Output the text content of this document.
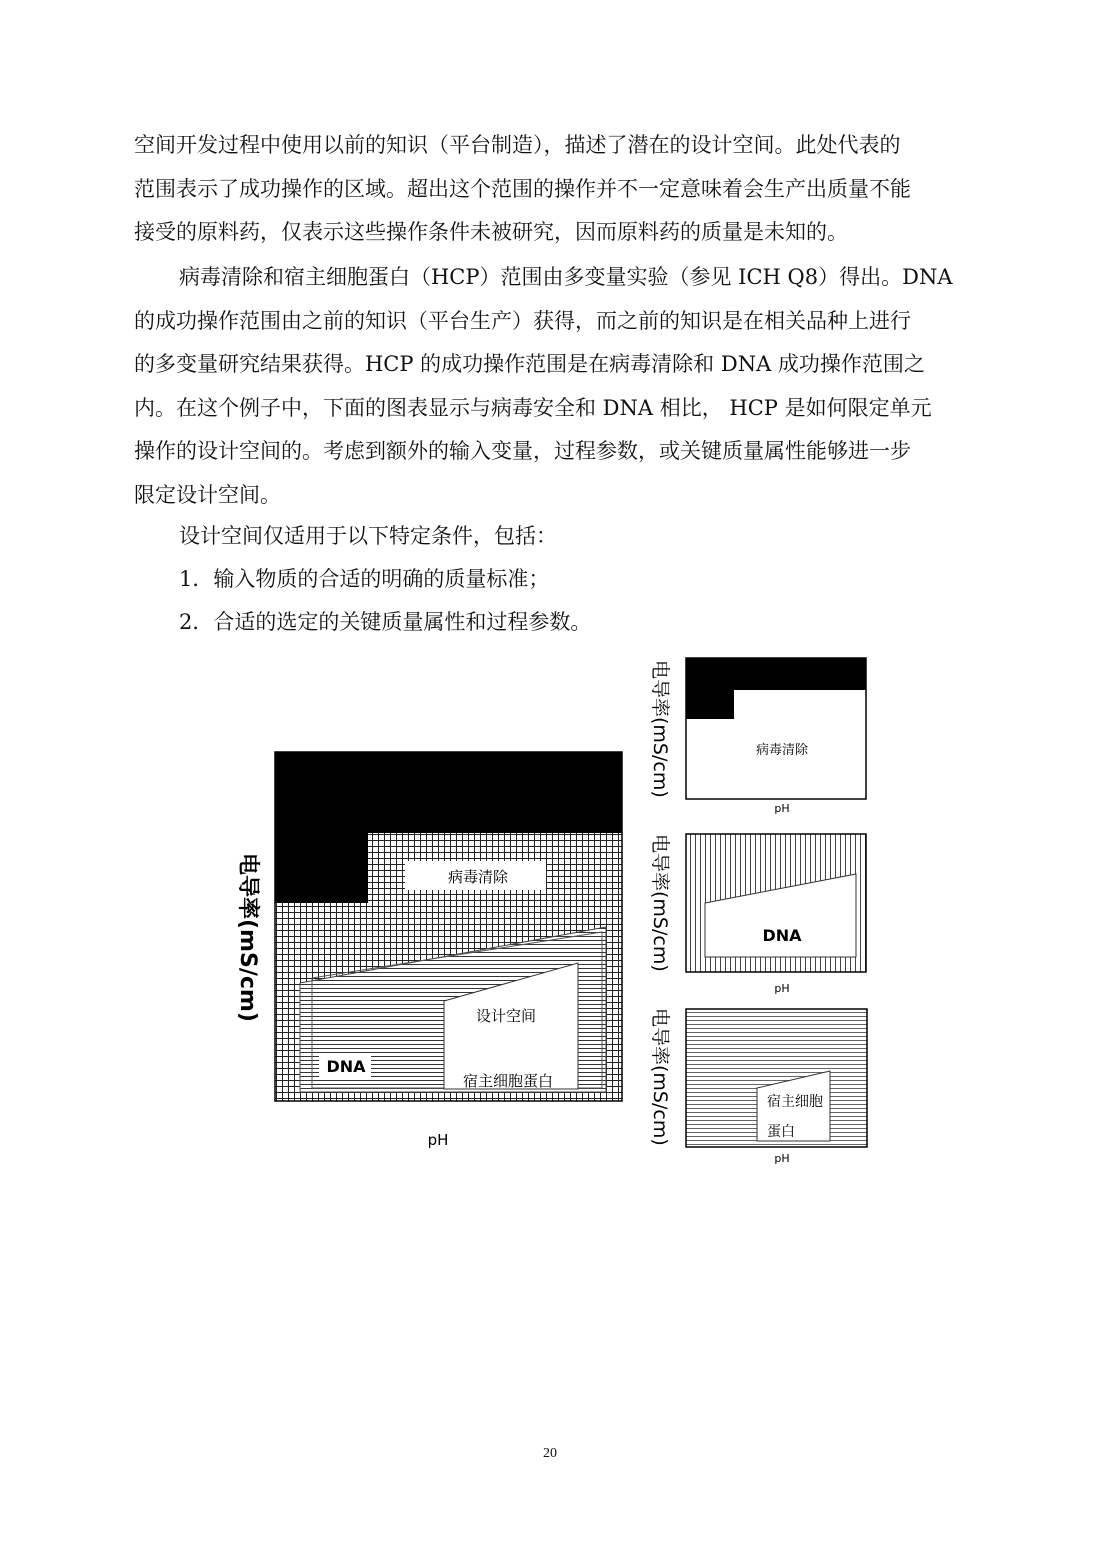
空间开发过程中使用以前的知识（平台制造），描述了潜在的设计空间。此处代表的
范围表示了成功操作的区域。超出这个范围的操作并不一定意味着会生产出质量不能
接受的原料药，仅表示这些操作条件未被研究，因而原料药的质量是未知的。
病毒清除和宿主细胞蛋白（HCP）范围由多变量实验（参见 ICH Q8）得出。DNA
的成功操作范围由之前的知识（平台生产）获得，而之前的知识是在相关品种上进行
的多变量研究结果获得。HCP 的成功操作范围是在病毒清除和 DNA 成功操作范围之
内。在这个例子中，下面的图表显示与病毒安全和 DNA 相比， HCP 是如何限定单元
操作的设计空间的。考虑到额外的输入变量，过程参数，或关键质量属性能够进一步
限定设计空间。
设计空间仅适用于以下特定条件，包括：
1．输入物质的合适的明确的质量标准；
2．合适的选定的关键质量属性和过程参数。
病毒清除
设计空间
DNA
宿主细胞蛋白
pH
电导率(mS/cm)
病毒清除
pH
电导率(mS/cm)
DNA
pH
电导率(mS/cm)
宿主细胞
蛋白
pH
电导率(mS/cm)
20
